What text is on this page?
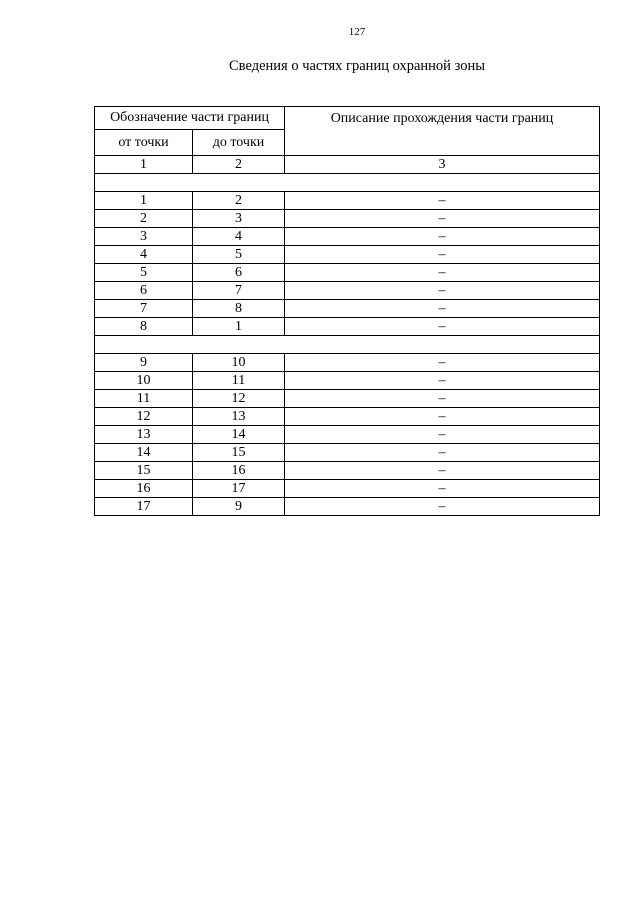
127
Сведения о частях границ охранной зоны
Обозначение части границ		Описание прохождения части границ
от точки	до точки	
1	2	3

1	2	–
2	3	–
3	4	–
4	5	–
5	6	–
6	7	–
7	8	–
8	1	–

9	10	–
10	11	–
11	12	–
12	13	–
13	14	–
14	15	–
15	16	–
16	17	–
17	9	–
